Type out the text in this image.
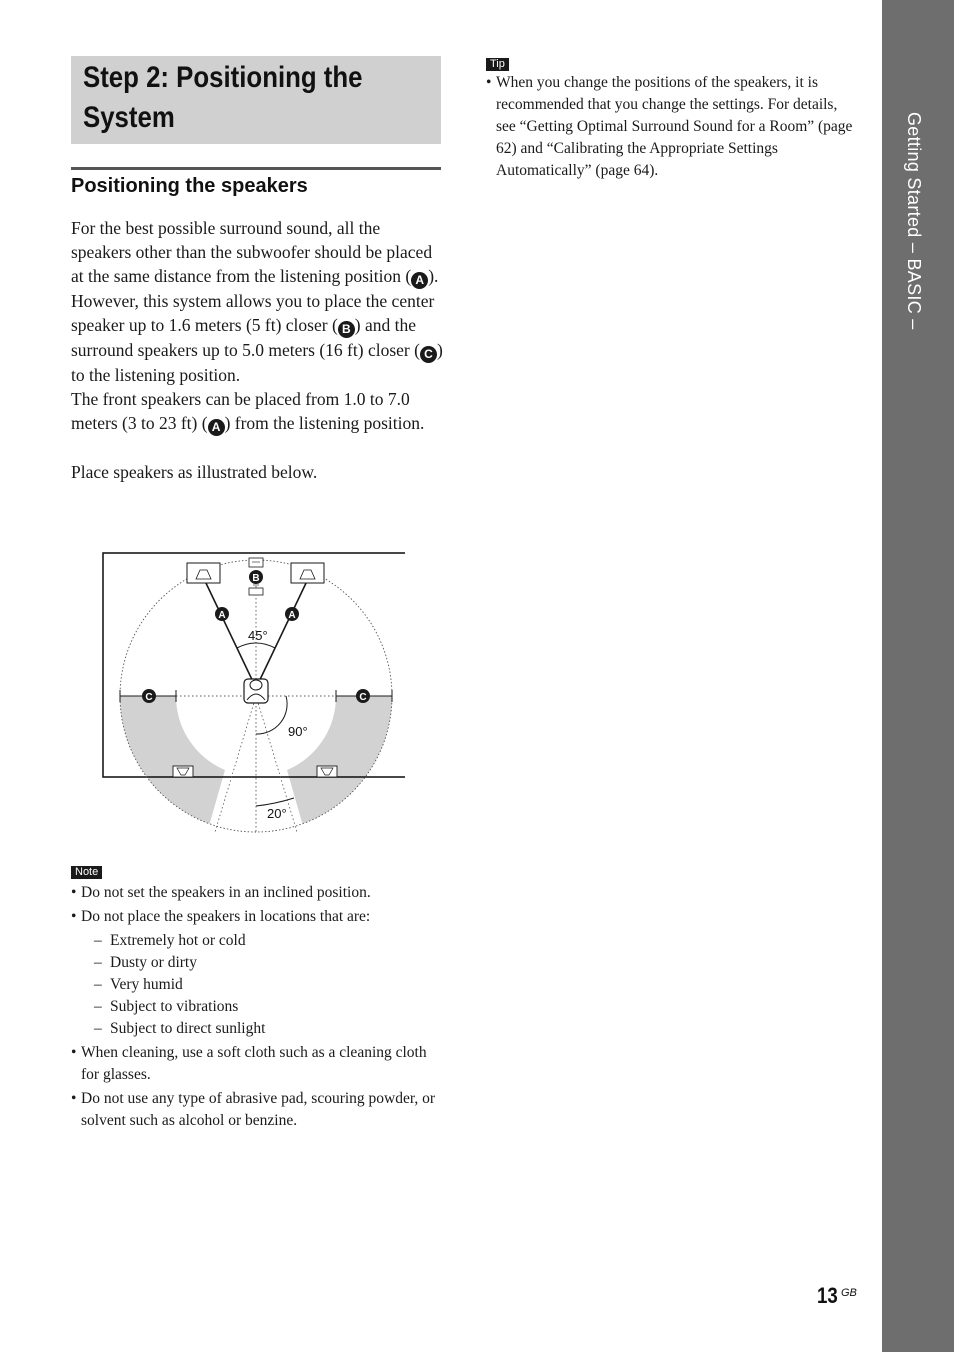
Getting Started – BASIC –
Step 2: Positioning the System
Positioning the speakers

For the best possible surround sound, all the speakers other than the subwoofer should be placed at the same distance from the listening position ( A ).

However, this system allows you to place the center speaker up to 1.6 meters (5 ft) closer ( B ) and the surround speakers up to 5.0 meters (16 ft) closer ( C ) to the listening position.

The front speakers can be placed from 1.0 to 7.0 meters (3 to 23 ft) ( A ) from the listening position.

Place speakers as illustrated below.

45°
90°
20°
B
A	A
C	C
Note
• Do not set the speakers in an inclined position.
• Do not place the speakers in locations that are:
– Extremely hot or cold
– Dusty or dirty
– Very humid
– Subject to vibrations
– Subject to direct sunlight
• When cleaning, use a soft cloth such as a cleaning cloth for glasses.
• Do not use any type of abrasive pad, scouring powder, or solvent such as alcohol or benzine.
Tip
• When you change the positions of the speakers, it is recommended that you change the settings. For details, see “Getting Optimal Surround Sound for a Room” (page 62) and “Calibrating the Appropriate Settings Automatically” (page 64).
13 GB
